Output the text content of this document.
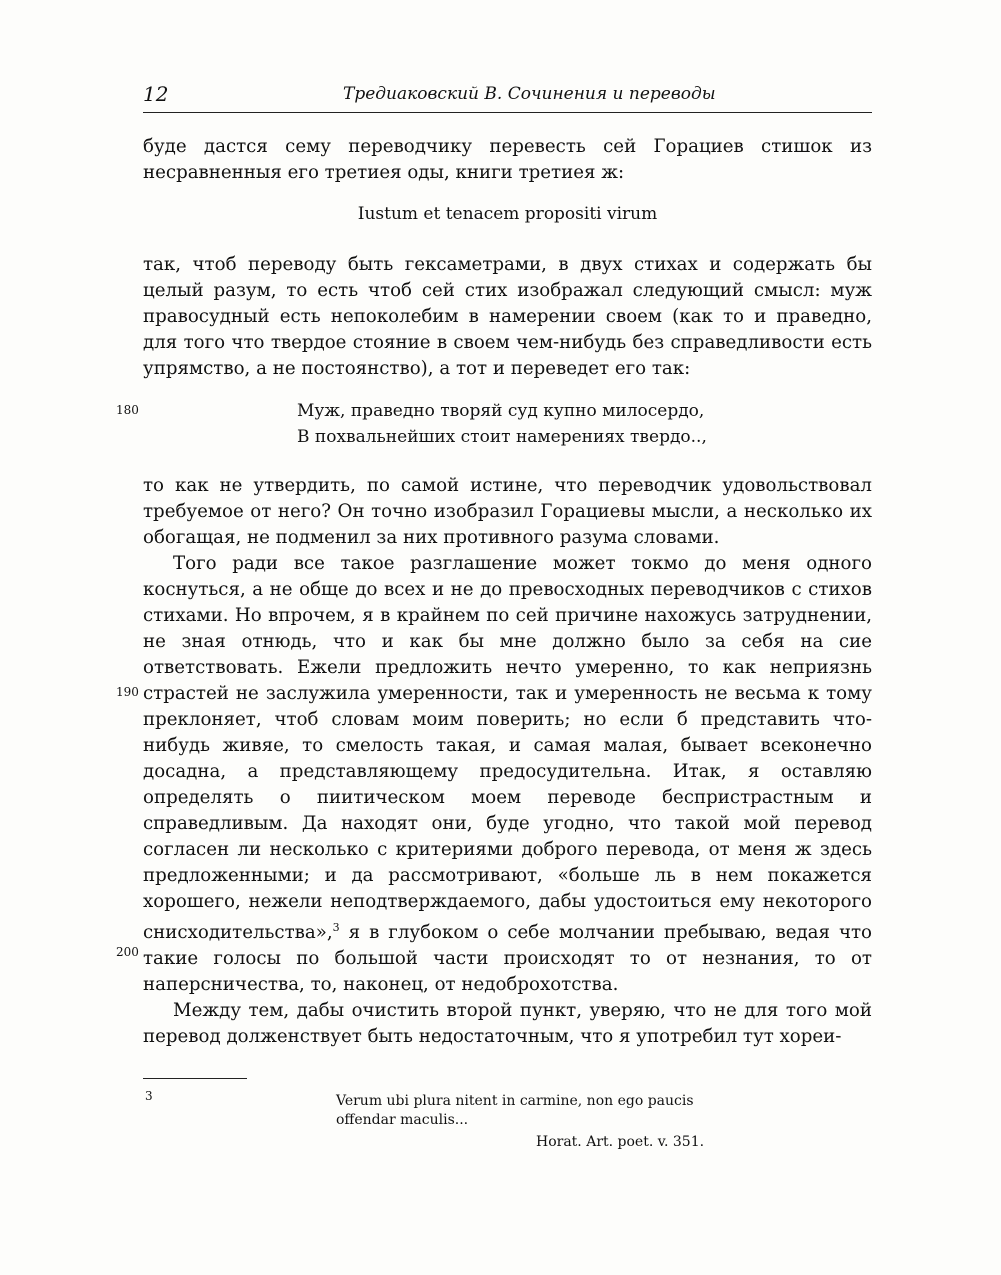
12	Тредиаковский В. Сочинения и переводы

буде дастся сему переводчику перевесть сей Горациев стишок из несравненныя его третиея оды, книги третиея ж:

Iustum et tenacem propositi virum

так, чтоб переводу быть гексаметрами, в двух стихах и содержать бы целый разум, то есть чтоб сей стих изображал следующий смысл: муж правосудный есть непоколебим в намерении своем (как то и праведно, для того что твердое стояние в своем чем-нибудь без справедливости есть упрямство, а не постоянство), а тот и переведет его так:

180	Муж, праведно творяй суд купно милосердо,
В похвальнейших стоит намерениях твердо..,

то как не утвердить, по самой истине, что переводчик удовольствовал требуемое от него? Он точно изобразил Горациевы мысли, а несколько их обогащая, не подменил за них противного разума словами.

Того ради все такое разглашение может токмо до меня одного коснуться, а не обще до всех и не до превосходных переводчиков с стихов стихами. Но впрочем, я в крайнем по сей причине нахожусь затруднении, не зная отнюдь, что и как бы мне должно было за себя на сие ответствовать. Ежели предложить нечто умеренно, то как неприязнь страстей не заслужила умеренности, так и умеренность не весьма к тому преклоняет, чтоб словам моим поверить; но если б представить что-нибудь живяе, то смелость такая, и самая малая, бывает всеконечно досадна, а представляющему предосудительна. Итак, я оставляю определять о пиитическом моем переводе беспристрастным и справедливым. Да находят они, буде угодно, что такой мой перевод согласен ли несколько с критериями доброго перевода, от меня ж здесь предложенными; и да рассмотривают, «больше ль в нем покажется хорошего, нежели неподтверждаемого, дабы удостоиться ему некоторого снисходительства»,$^3$ я в глубоком о себе молчании пребываю, ведая что такие голосы по большой части происходят то от незнания, то от наперсничества, то, наконец, от недоброхотства.

Между тем, дабы очистить второй пункт, уверяю, что не для того мой перевод долженствует быть недостаточным, что я употребил тут хореи-

190
200
3	Verum ubi plura nitent in carmine, non ego paucis
offendar maculis...
Horat. Art. poet. v. 351.
